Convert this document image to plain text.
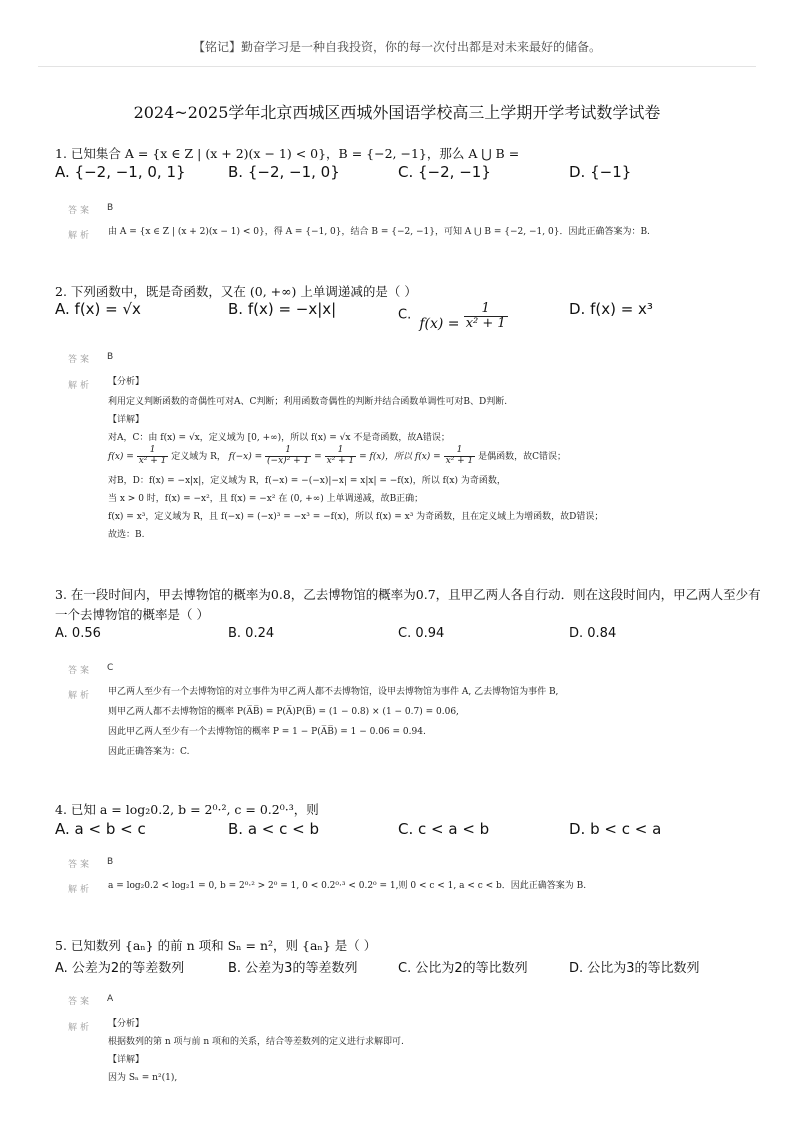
【铭记】勤奋学习是一种自我投资，你的每一次付出都是对未来最好的储备。
2024~2025学年北京西城区西城外国语学校高三上学期开学考试数学试卷
1. 已知集合 A = {x ∈ Z | (x + 2)(x − 1) < 0}，B = {−2, −1}，那么 A ⋃ B =
A. {−2, −1, 0, 1}	B. {−2, −1, 0}	C. {−2, −1}	D. {−1}
答案 B
解析 由 A = {x ∈ Z | (x + 2)(x − 1) < 0}，得 A = {−1, 0}，结合 B = {−2, −1}，可知 A ⋃ B = {−2, −1, 0}．因此正确答案为：B.
2. 下列函数中，既是奇函数，又在 (0, +∞) 上单调递减的是（ ）
A. f(x) = √x	B. f(x) = −x|x|	C. $f(x) = \frac{1}{\text{x² + 1}}$	D. f(x) = x³
答案 B
解析 【分析】
利用定义判断函数的奇偶性可对A、C判断；利用函数奇偶性的判断并结合函数单调性可对B、D判断.
【详解】
对A，C：由 f(x) = √x，定义域为 [0, +∞)，所以 f(x) = √x 不是奇函数，故A错误；
$f(x) = \frac{1}{\text{x² + 1}}$ 定义域为 R， $f(-x) = \frac{1}{\text{(−x)² + 1}} = \frac{1}{\text{x² + 1}} = f(x)$，所以 $f(x) = \frac{1}{\text{x² + 1}}$ 是偶函数，故C错误；
对B，D：f(x) = −x|x|，定义域为 R，f(−x) = −(−x)|−x| = x|x| = −f(x)，所以 f(x) 为奇函数，
当 x > 0 时，f(x) = −x²，且 f(x) = −x² 在 (0, +∞) 上单调递减，故B正确；
f(x) = x³，定义域为 R，且 f(−x) = (−x)³ = −x³ = −f(x)，所以 f(x) = x³ 为奇函数，且在定义域上为增函数，故D错误；
故选：B.
3. 在一段时间内，甲去博物馆的概率为0.8，乙去博物馆的概率为0.7，且甲乙两人各自行动．则在这段时间内，甲乙两人至少有
一个去博物馆的概率是（ ）
A. 0.56	B. 0.24	C. 0.94	D. 0.84
答案 C
解析 甲乙两人至少有一个去博物馆的对立事件为甲乙两人都不去博物馆，设甲去博物馆为事件 A, 乙去博物馆为事件 B,
则甲乙两人都不去博物馆的概率 P(A̅B̅) = P(A̅)P(B̅) = (1 − 0.8) × (1 − 0.7) = 0.06,
因此甲乙两人至少有一个去博物馆的概率 P = 1 − P(A̅B̅) = 1 − 0.06 = 0.94.
因此正确答案为：C.
4. 已知 a = log₂0.2, b = 2⁰·², c = 0.2⁰·³，则
A. a < b < c	B. a < c < b	C. c < a < b	D. b < c < a
答案 B
解析 a = log₂0.2 < log₂1 = 0, b = 2⁰·² > 2⁰ = 1, 0 < 0.2⁰·³ < 0.2⁰ = 1,则 0 < c < 1, a < c < b．因此正确答案为 B.
5. 已知数列 {aₙ} 的前 n 项和 Sₙ = n²，则 {aₙ} 是（ ）
A. 公差为2的等差数列	B. 公差为3的等差数列	C. 公比为2的等比数列	D. 公比为3的等比数列
答案 A
解析 【分析】
根据数列的第 n 项与前 n 项和的关系，结合等差数列的定义进行求解即可.
【详解】
因为 Sₙ = n²(1),
